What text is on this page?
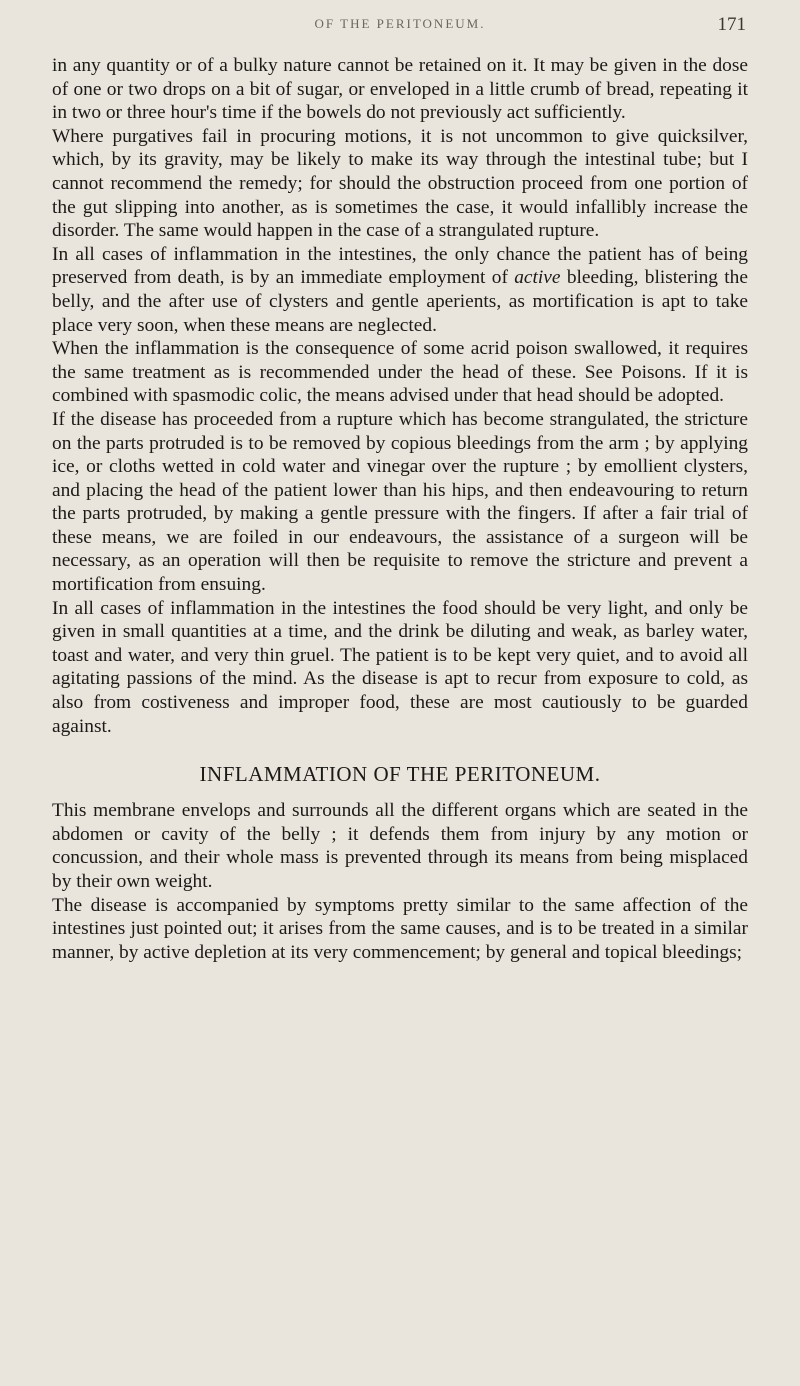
OF THE PERITONEUM.	171

in any quantity or of a bulky nature cannot be retained on it. It may be given in the dose of one or two drops on a bit of sugar, or enveloped in a little crumb of bread, repeating it in two or three hour's time if the bowels do not previously act sufficiently.

Where purgatives fail in procuring motions, it is not uncommon to give quicksilver, which, by its gravity, may be likely to make its way through the intestinal tube; but I cannot recommend the remedy; for should the obstruction proceed from one portion of the gut slipping into another, as is sometimes the case, it would infallibly increase the disorder. The same would happen in the case of a strangulated rupture.

In all cases of inflammation in the intestines, the only chance the patient has of being preserved from death, is by an immediate employment of active bleeding, blistering the belly, and the after use of clysters and gentle aperients, as mortification is apt to take place very soon, when these means are neglected.

When the inflammation is the consequence of some acrid poison swallowed, it requires the same treatment as is recommended under the head of these. See Poisons. If it is combined with spasmodic colic, the means advised under that head should be adopted.

If the disease has proceeded from a rupture which has become strangulated, the stricture on the parts protruded is to be removed by copious bleedings from the arm ; by applying ice, or cloths wetted in cold water and vinegar over the rupture ; by emollient clysters, and placing the head of the patient lower than his hips, and then endeavouring to return the parts protruded, by making a gentle pressure with the fingers. If after a fair trial of these means, we are foiled in our endeavours, the assistance of a surgeon will be necessary, as an operation will then be requisite to remove the stricture and prevent a mortification from ensuing.

In all cases of inflammation in the intestines the food should be very light, and only be given in small quantities at a time, and the drink be diluting and weak, as barley water, toast and water, and very thin gruel. The patient is to be kept very quiet, and to avoid all agitating passions of the mind. As the disease is apt to recur from exposure to cold, as also from costiveness and improper food, these are most cautiously to be guarded against.

INFLAMMATION OF THE PERITONEUM.

This membrane envelops and surrounds all the different organs which are seated in the abdomen or cavity of the belly ; it defends them from injury by any motion or concussion, and their whole mass is prevented through its means from being misplaced by their own weight.

The disease is accompanied by symptoms pretty similar to the same affection of the intestines just pointed out; it arises from the same causes, and is to be treated in a similar manner, by active depletion at its very commencement; by general and topical bleedings;
